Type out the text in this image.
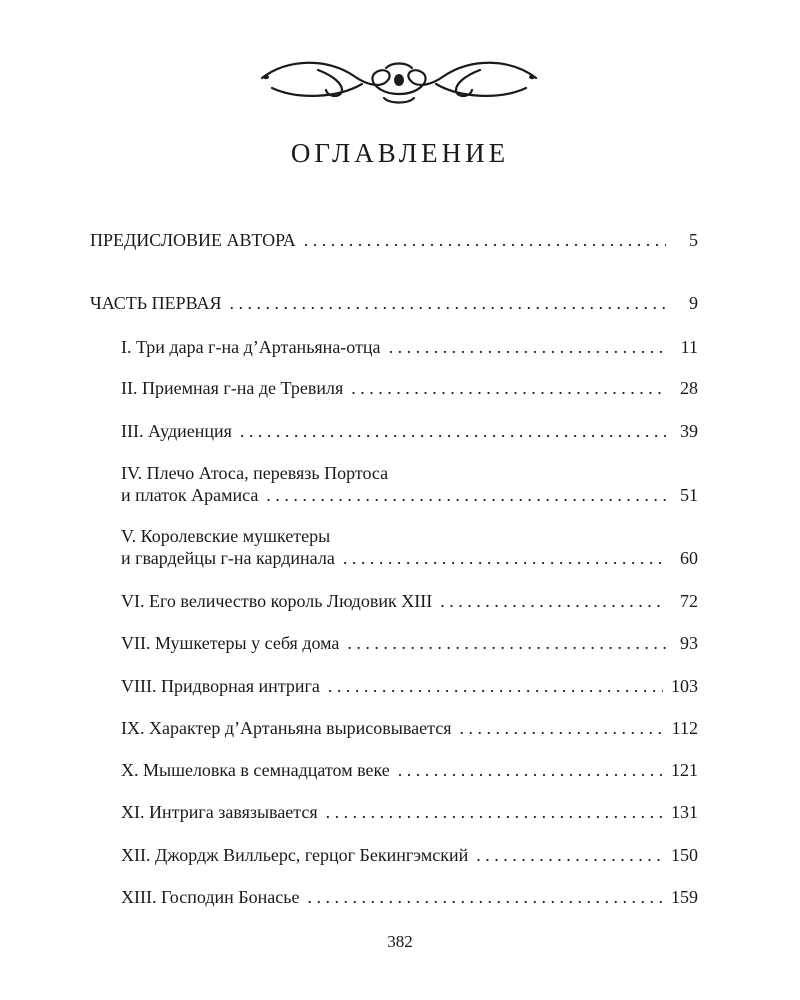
ОГЛАВЛЕНИЕ
ПРЕДИСЛОВИЕ АВТОРА . . .	5
ЧАСТЬ ПЕРВАЯ . . .	9
I. Три дара г-на д’Артаньяна-отца . . .	11
II. Приемная г-на де Тревиля . . .	28
III. Аудиенция . . .	39
IV. Плечо Атоса, перевязь Портоса
и платок Арамиса . . .	51
V. Королевские мушкетеры
и гвардейцы г-на кардинала . . .	60
VI. Его величество король Людовик XIII . . .	72
VII. Мушкетеры у себя дома . . .	93
VIII. Придворная интрига . . .	103
IX. Характер д’Артаньяна вырисовывается . . .	112
X. Мышеловка в семнадцатом веке . . .	121
XI. Интрига завязывается . . .	131
XII. Джордж Вилльерс, герцог Бекингэмский . . .	150
XIII. Господин Бонасье . . .	159
382
